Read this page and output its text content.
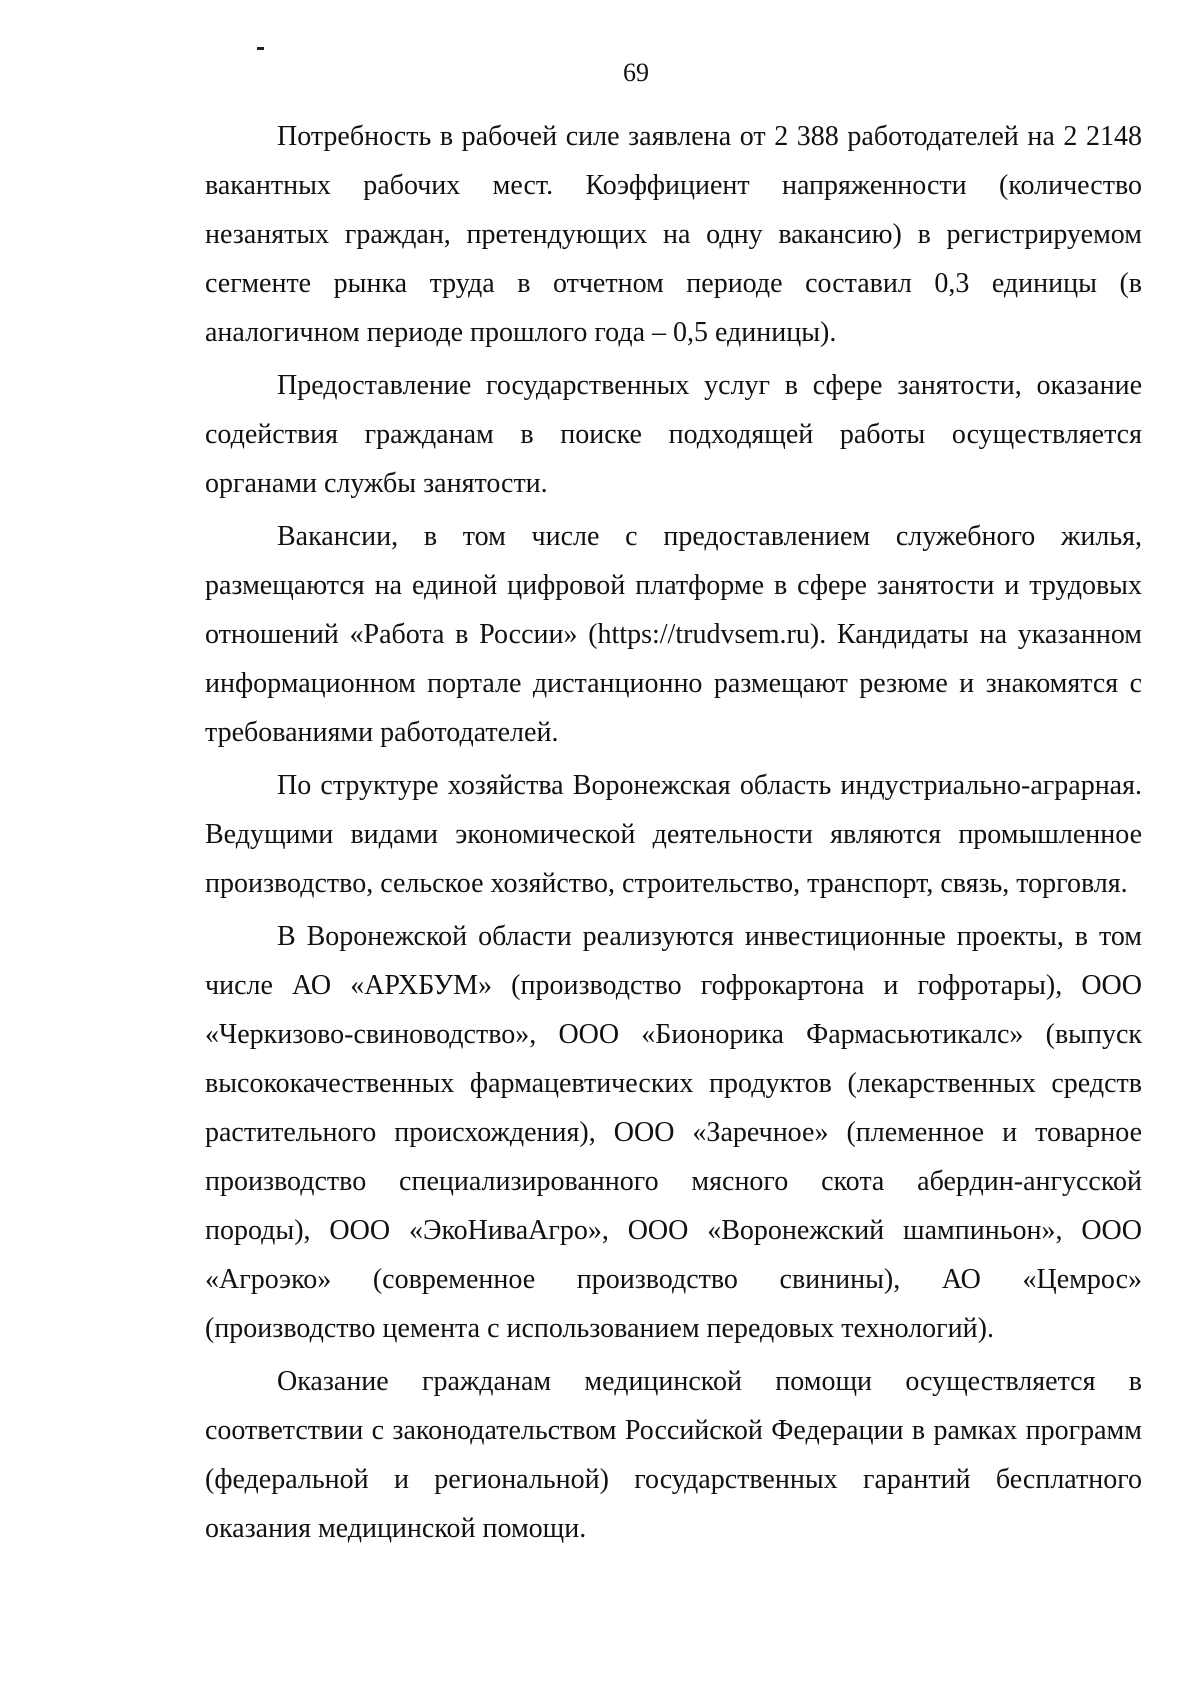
69

Потребность в рабочей силе заявлена от 2 388 работодателей на 2 2148 вакантных рабочих мест. Коэффициент напряженности (количество незанятых граждан, претендующих на одну вакансию) в регистрируемом сегменте рынка труда в отчетном периоде составил 0,3 единицы (в аналогичном периоде прошлого года – 0,5 единицы).

Предоставление государственных услуг в сфере занятости, оказание содействия гражданам в поиске подходящей работы осуществляется органами службы занятости.

Вакансии, в том числе с предоставлением служебного жилья, размещаются на единой цифровой платформе в сфере занятости и трудовых отношений «Работа в России» (https://trudvsem.ru). Кандидаты на указанном информационном портале дистанционно размещают резюме и знакомятся с требованиями работодателей.

По структуре хозяйства Воронежская область индустриально-аграрная. Ведущими видами экономической деятельности являются промышленное производство, сельское хозяйство, строительство, транспорт, связь, торговля.

В Воронежской области реализуются инвестиционные проекты, в том числе АО «АРХБУМ» (производство гофрокартона и гофротары), ООО «Черкизово-свиноводство», ООО «Бионорика Фармасьютикалс» (выпуск высококачественных фармацевтических продуктов (лекарственных средств растительного происхождения), ООО «Заречное» (племенное и товарное производство специализированного мясного скота абердин-ангусской породы), ООО «ЭкоНиваАгро», ООО «Воронежский шампиньон», ООО «Агроэко» (современное производство свинины), АО «Цемрос» (производство цемента с использованием передовых технологий).

Оказание гражданам медицинской помощи осуществляется в соответствии с законодательством Российской Федерации в рамках программ (федеральной и региональной) государственных гарантий бесплатного оказания медицинской помощи.
